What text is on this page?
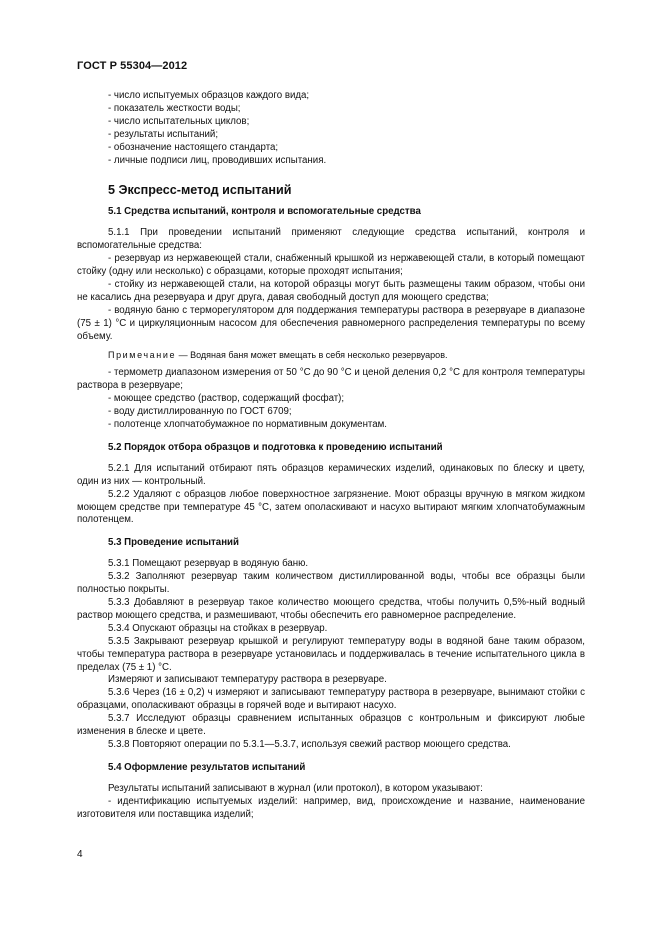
ГОСТ Р 55304—2012

- число испытуемых образцов каждого вида;

- показатель жесткости воды;

- число испытательных циклов;

- результаты испытаний;

- обозначение настоящего стандарта;

- личные подписи лиц, проводивших испытания.

5 Экспресс-метод испытаний

5.1 Средства испытаний, контроля и вспомогательные средства

5.1.1 При проведении испытаний применяют следующие средства испытаний, контроля и вспомогательные средства:

- резервуар из нержавеющей стали, снабженный крышкой из нержавеющей стали, в который помещают стойку (одну или несколько) с образцами, которые проходят испытания;

- стойку из нержавеющей стали, на которой образцы могут быть размещены таким образом, чтобы они не касались дна резервуара и друг друга, давая свободный доступ для моющего средства;

- водяную баню с терморегулятором для поддержания температуры раствора в резервуаре в диапазоне (75 ± 1) °С и циркуляционным насосом для обеспечения равномерного распределения температуры по всему объему.

Примечание — Водяная баня может вмещать в себя несколько резервуаров.

- термометр диапазоном измерения от 50 °С до 90 °С и ценой деления 0,2 °С для контроля температуры раствора в резервуаре;

- моющее средство (раствор, содержащий фосфат);

- воду дистиллированную по ГОСТ 6709;

- полотенце хлопчатобумажное по нормативным документам.

5.2 Порядок отбора образцов и подготовка к проведению испытаний

5.2.1 Для испытаний отбирают пять образцов керамических изделий, одинаковых по блеску и цвету, один из них — контрольный.

5.2.2 Удаляют с образцов любое поверхностное загрязнение. Моют образцы вручную в мягком жидком моющем средстве при температуре 45 °С, затем ополаскивают и насухо вытирают мягким хлопчатобумажным полотенцем.

5.3 Проведение испытаний

5.3.1 Помещают резервуар в водяную баню.

5.3.2 Заполняют резервуар таким количеством дистиллированной воды, чтобы все образцы были полностью покрыты.

5.3.3 Добавляют в резервуар такое количество моющего средства, чтобы получить 0,5%-ный водный раствор моющего средства, и размешивают, чтобы обеспечить его равномерное распределение.

5.3.4 Опускают образцы на стойках в резервуар.

5.3.5 Закрывают резервуар крышкой и регулируют температуру воды в водяной бане таким образом, чтобы температура раствора в резервуаре установилась и поддерживалась в течение испытательного цикла в пределах (75 ± 1) °С.

Измеряют и записывают температуру раствора в резервуаре.

5.3.6 Через (16 ± 0,2) ч измеряют и записывают температуру раствора в резервуаре, вынимают стойки с образцами, ополаскивают образцы в горячей воде и вытирают насухо.

5.3.7 Исследуют образцы сравнением испытанных образцов с контрольным и фиксируют любые изменения в блеске и цвете.

5.3.8 Повторяют операции по 5.3.1—5.3.7, используя свежий раствор моющего средства.

5.4 Оформление результатов испытаний

Результаты испытаний записывают в журнал (или протокол), в котором указывают:

- идентификацию испытуемых изделий: например, вид, происхождение и название, наименование изготовителя или поставщика изделий;

4
